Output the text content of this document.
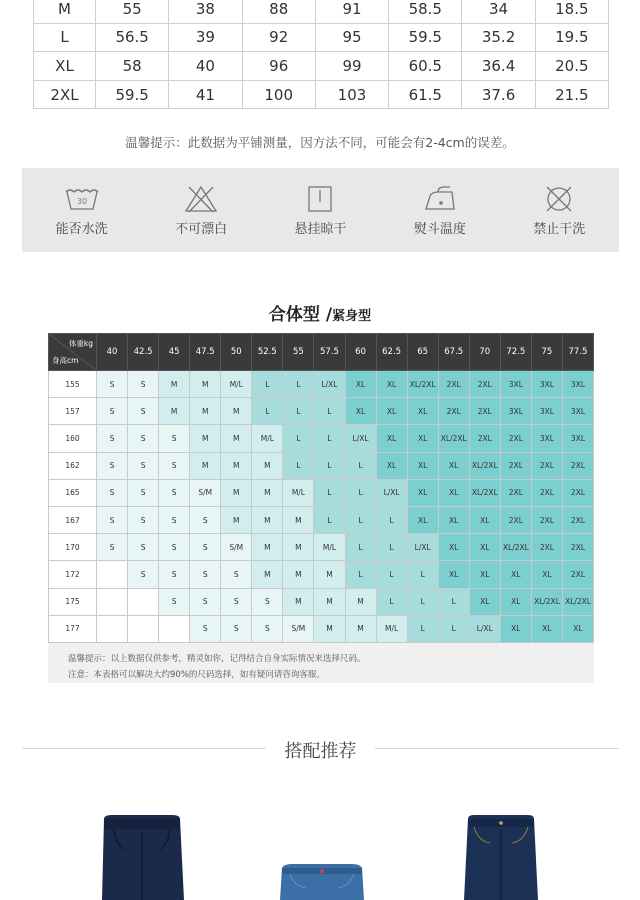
M	55	38	88	91	58.5	34	18.5
L	56.5	39	92	95	59.5	35.2	19.5
XL	58	40	96	99	60.5	36.4	20.5
2XL	59.5	41	100	103	61.5	37.6	21.5
温馨提示：此数据为平铺测量，因方法不同，可能会有2-4cm的误差。
30
能否水洗	不可漂白	悬挂晾干	熨斗温度	禁止干洗
合体型 /紧身型
体重kg
身高cm	40	42.5	45	47.5	50	52.5	55	57.5	60	62.5	65	67.5	70	72.5	75	77.5
155	S	S	M	M	M/L	L	L	L/XL	XL	XL	XL/2XL	2XL	2XL	3XL	3XL	3XL
157	S	S	M	M	M	L	L	L	XL	XL	XL	2XL	2XL	3XL	3XL	3XL
160	S	S	S	M	M	M/L	L	L	L/XL	XL	XL	XL/2XL	2XL	2XL	3XL	3XL
162	S	S	S	M	M	M	L	L	L	XL	XL	XL	XL/2XL	2XL	2XL	2XL
165	S	S	S	S/M	M	M	M/L	L	L	L/XL	XL	XL	XL/2XL	2XL	2XL	2XL
167	S	S	S	S	M	M	M	L	L	L	XL	XL	XL	2XL	2XL	2XL
170	S	S	S	S	S/M	M	M	M/L	L	L	L/XL	XL	XL	XL/2XL	2XL	2XL
172		S	S	S	S	M	M	M	L	L	L	XL	XL	XL	XL	2XL
175			S	S	S	S	M	M	M	L	L	L	XL	XL	XL/2XL	XL/2XL
177				S	S	S	S/M	M	M	M/L	L	L	L/XL	XL	XL	XL
温馨提示：以上数据仅供参考，精灵如你，记得结合自身实际情况来选择尺码。
注意：本表格可以解决大约90%的尺码选择，如有疑问请咨询客服。
搭配推荐
